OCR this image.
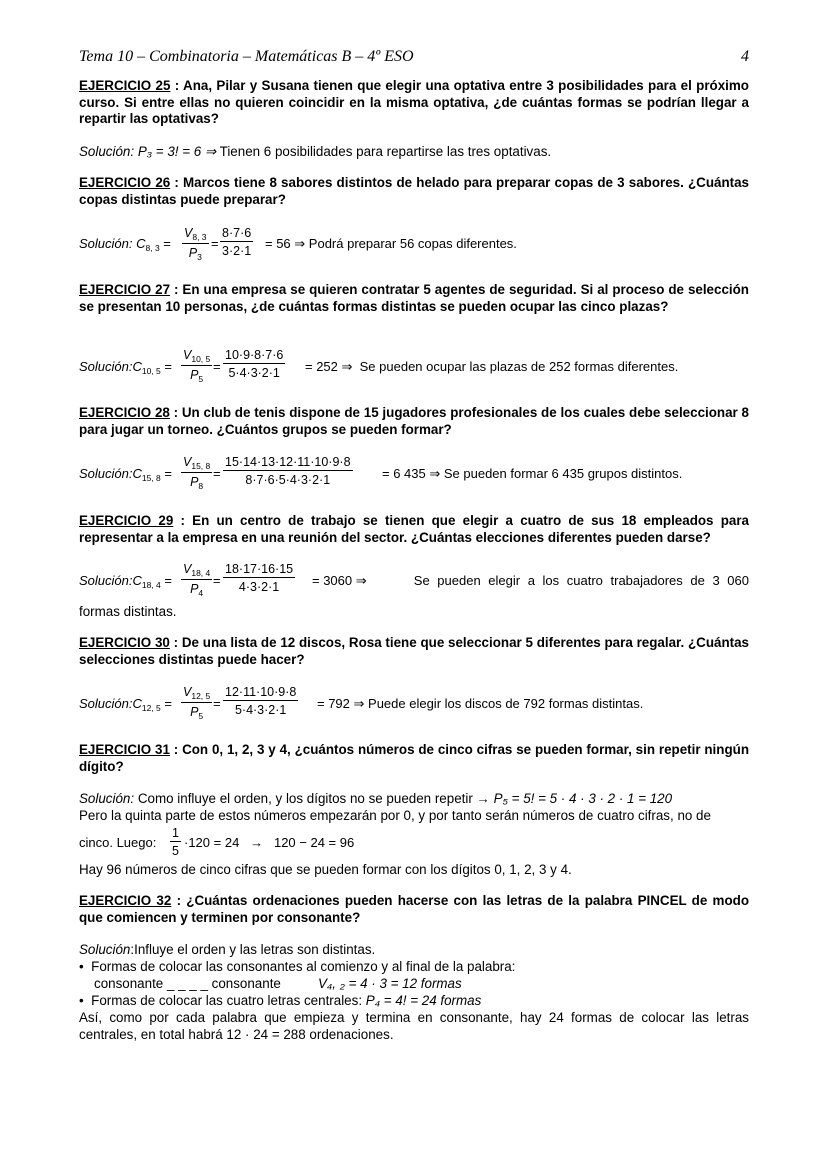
Tema 10 – Combinatoria – Matemáticas B – 4º ESO	4
EJERCICIO 25 : Ana, Pilar y Susana tienen que elegir una optativa entre 3 posibilidades para el próximo curso. Si entre ellas no quieren coincidir en la misma optativa, ¿de cuántas formas se podrían llegar a repartir las optativas?
Solución: P₃ = 3! = 6 ⇒ Tienen 6 posibilidades para repartirse las tres optativas.
EJERCICIO 26 : Marcos tiene 8 sabores distintos de helado para preparar copas de 3 sabores. ¿Cuántas copas distintas puede preparar?
Solución: $C_{8, 3} = \frac{V_{8, 3}}{P_3} = \frac{8\cdot 7\cdot 6}{3\cdot 2\cdot 1} = 56$ ⇒ Podrá preparar 56 copas diferentes.
EJERCICIO 27 : En una empresa se quieren contratar 5 agentes de seguridad. Si al proceso de selección se presentan 10 personas, ¿de cuántas formas distintas se pueden ocupar las cinco plazas?
$Solución:C_{10, 5} = \frac{V_{10, 5}}{P_5} = \frac{10\cdot 9\cdot 8\cdot 7\cdot 6}{5\cdot 4\cdot 3\cdot 2\cdot 1} = 252$ ⇒ Se pueden ocupar las plazas de 252 formas diferentes.
EJERCICIO 28 : Un club de tenis dispone de 15 jugadores profesionales de los cuales debe seleccionar 8 para jugar un torneo. ¿Cuántos grupos se pueden formar?
$Solución:C_{15, 8} = \frac{V_{15, 8}}{P_8} = \frac{15\cdot 14\cdot 13\cdot 12\cdot 11\cdot 10\cdot 9\cdot 8}{8\cdot 7\cdot 6\cdot 5\cdot 4\cdot 3\cdot 2\cdot 1} = 6$ 435 ⇒ Se pueden formar 6 435 grupos distintos.
EJERCICIO 29 : En un centro de trabajo se tienen que elegir a cuatro de sus 18 empleados para representar a la empresa en una reunión del sector. ¿Cuántas elecciones diferentes pueden darse?
$Solución:C_{18, 4} = \frac{V_{18, 4}}{P_4} = \frac{18\cdot 17\cdot 16\cdot 15}{4\cdot 3\cdot 2\cdot 1} = 3060$ ⇒	Se pueden elegir a los cuatro trabajadores de 3 060
formas distintas.
EJERCICIO 30 : De una lista de 12 discos, Rosa tiene que seleccionar 5 diferentes para regalar. ¿Cuántas selecciones distintas puede hacer?
$Solución:C_{12, 5} = \frac{V_{12, 5}}{P_5} = \frac{12\cdot 11\cdot 10\cdot 9\cdot 8}{5\cdot 4\cdot 3\cdot 2\cdot 1} = 792$ ⇒ Puede elegir los discos de 792 formas distintas.
EJERCICIO 31 : Con 0, 1, 2, 3 y 4, ¿cuántos números de cinco cifras se pueden formar, sin repetir ningún dígito?
Solución: Como influye el orden, y los dígitos no se pueden repetir → P₅ = 5! = 5 · 4 · 3 · 2 · 1 = 120
Pero la quinta parte de estos números empezarán por 0, y por tanto serán números de cuatro cifras, no de
cinco. Luego: $\frac{1}{5} \cdot 120 = 24 \to 120 - 24 = 96$
Hay 96 números de cinco cifras que se pueden formar con los dígitos 0, 1, 2, 3 y 4.
EJERCICIO 32 : ¿Cuántas ordenaciones pueden hacerse con las letras de la palabra PINCEL de modo que comiencen y terminen por consonante?
Solución:Influye el orden y las letras son distintas.
•  Formas de colocar las consonantes al comienzo y al final de la palabra:
consonante _ _ _ _ consonante	V₄, ₂ = 4 · 3 = 12 formas
•  Formas de colocar las cuatro letras centrales: P₄ = 4! = 24 formas
Así, como por cada palabra que empieza y termina en consonante, hay 24 formas de colocar las letras centrales, en total habrá 12 · 24 = 288 ordenaciones.
